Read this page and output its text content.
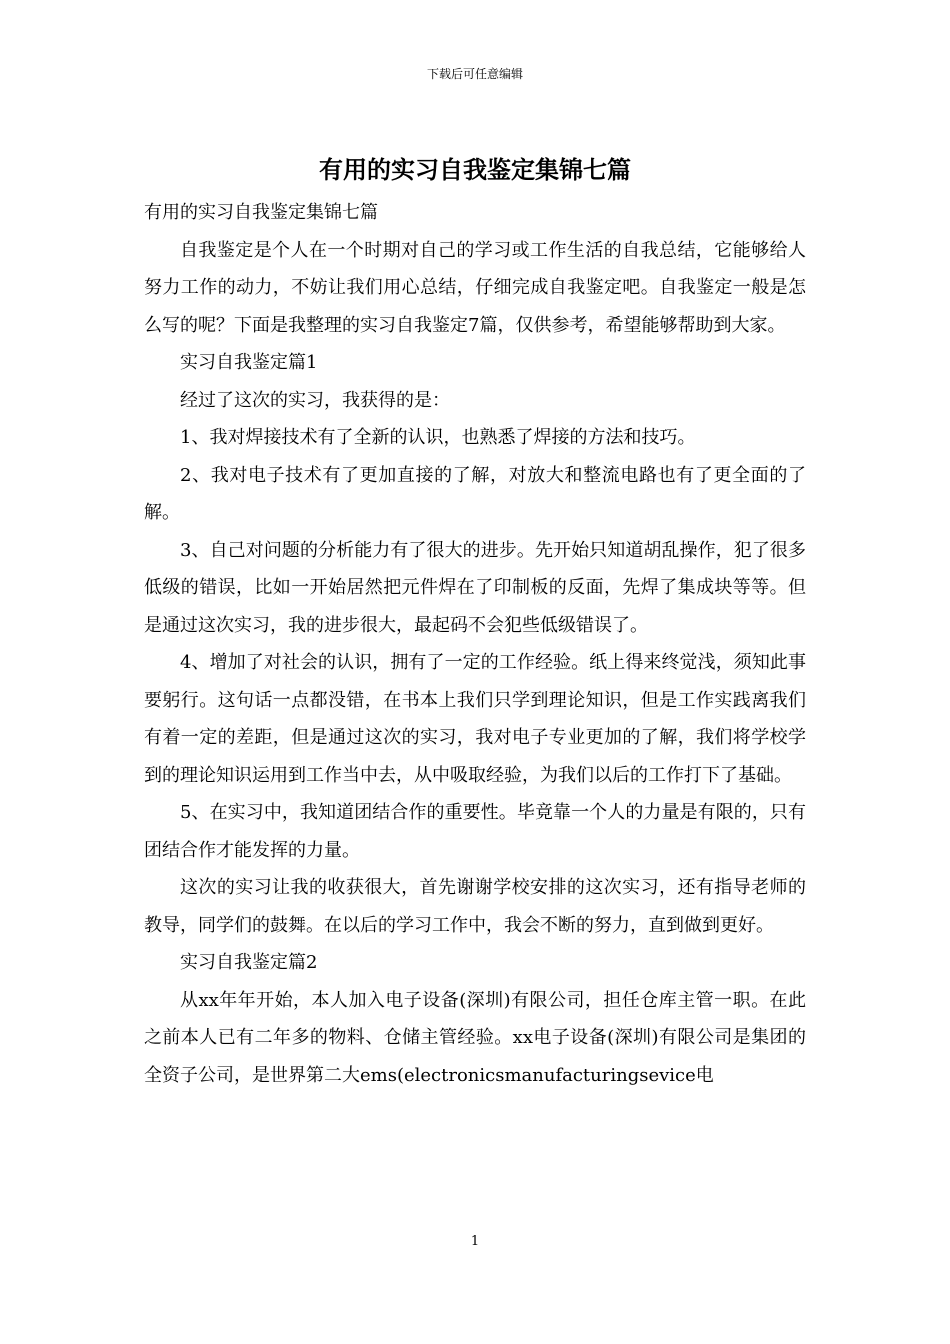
下载后可任意编辑
有用的实习自我鉴定集锦七篇

有用的实习自我鉴定集锦七篇

自我鉴定是个人在一个时期对自己的学习或工作生活的自我总结，它能够给人努力工作的动力，不妨让我们用心总结，仔细完成自我鉴定吧。自我鉴定一般是怎么写的呢？下面是我整理的实习自我鉴定7篇，仅供参考，希望能够帮助到大家。

实习自我鉴定篇1

经过了这次的实习，我获得的是：

1、我对焊接技术有了全新的认识，也熟悉了焊接的方法和技巧。

2、我对电子技术有了更加直接的了解，对放大和整流电路也有了更全面的了解。

3、自己对问题的分析能力有了很大的进步。先开始只知道胡乱操作，犯了很多低级的错误，比如一开始居然把元件焊在了印制板的反面，先焊了集成块等等。但是通过这次实习，我的进步很大，最起码不会犯些低级错误了。

4、增加了对社会的认识，拥有了一定的工作经验。纸上得来终觉浅，须知此事要躬行。这句话一点都没错，在书本上我们只学到理论知识，但是工作实践离我们有着一定的差距，但是通过这次的实习，我对电子专业更加的了解，我们将学校学到的理论知识运用到工作当中去，从中吸取经验，为我们以后的工作打下了基础。

5、在实习中，我知道团结合作的重要性。毕竟靠一个人的力量是有限的，只有团结合作才能发挥的力量。

这次的实习让我的收获很大，首先谢谢学校安排的这次实习，还有指导老师的教导，同学们的鼓舞。在以后的学习工作中，我会不断的努力，直到做到更好。

实习自我鉴定篇2

从xx年年开始，本人加入电子设备(深圳)有限公司，担任仓库主管一职。在此之前本人已有二年多的物料、仓储主管经验。xx电子设备(深圳)有限公司是集团的全资子公司，是世界第二大ems(electronicsmanufacturingsevice电

1
